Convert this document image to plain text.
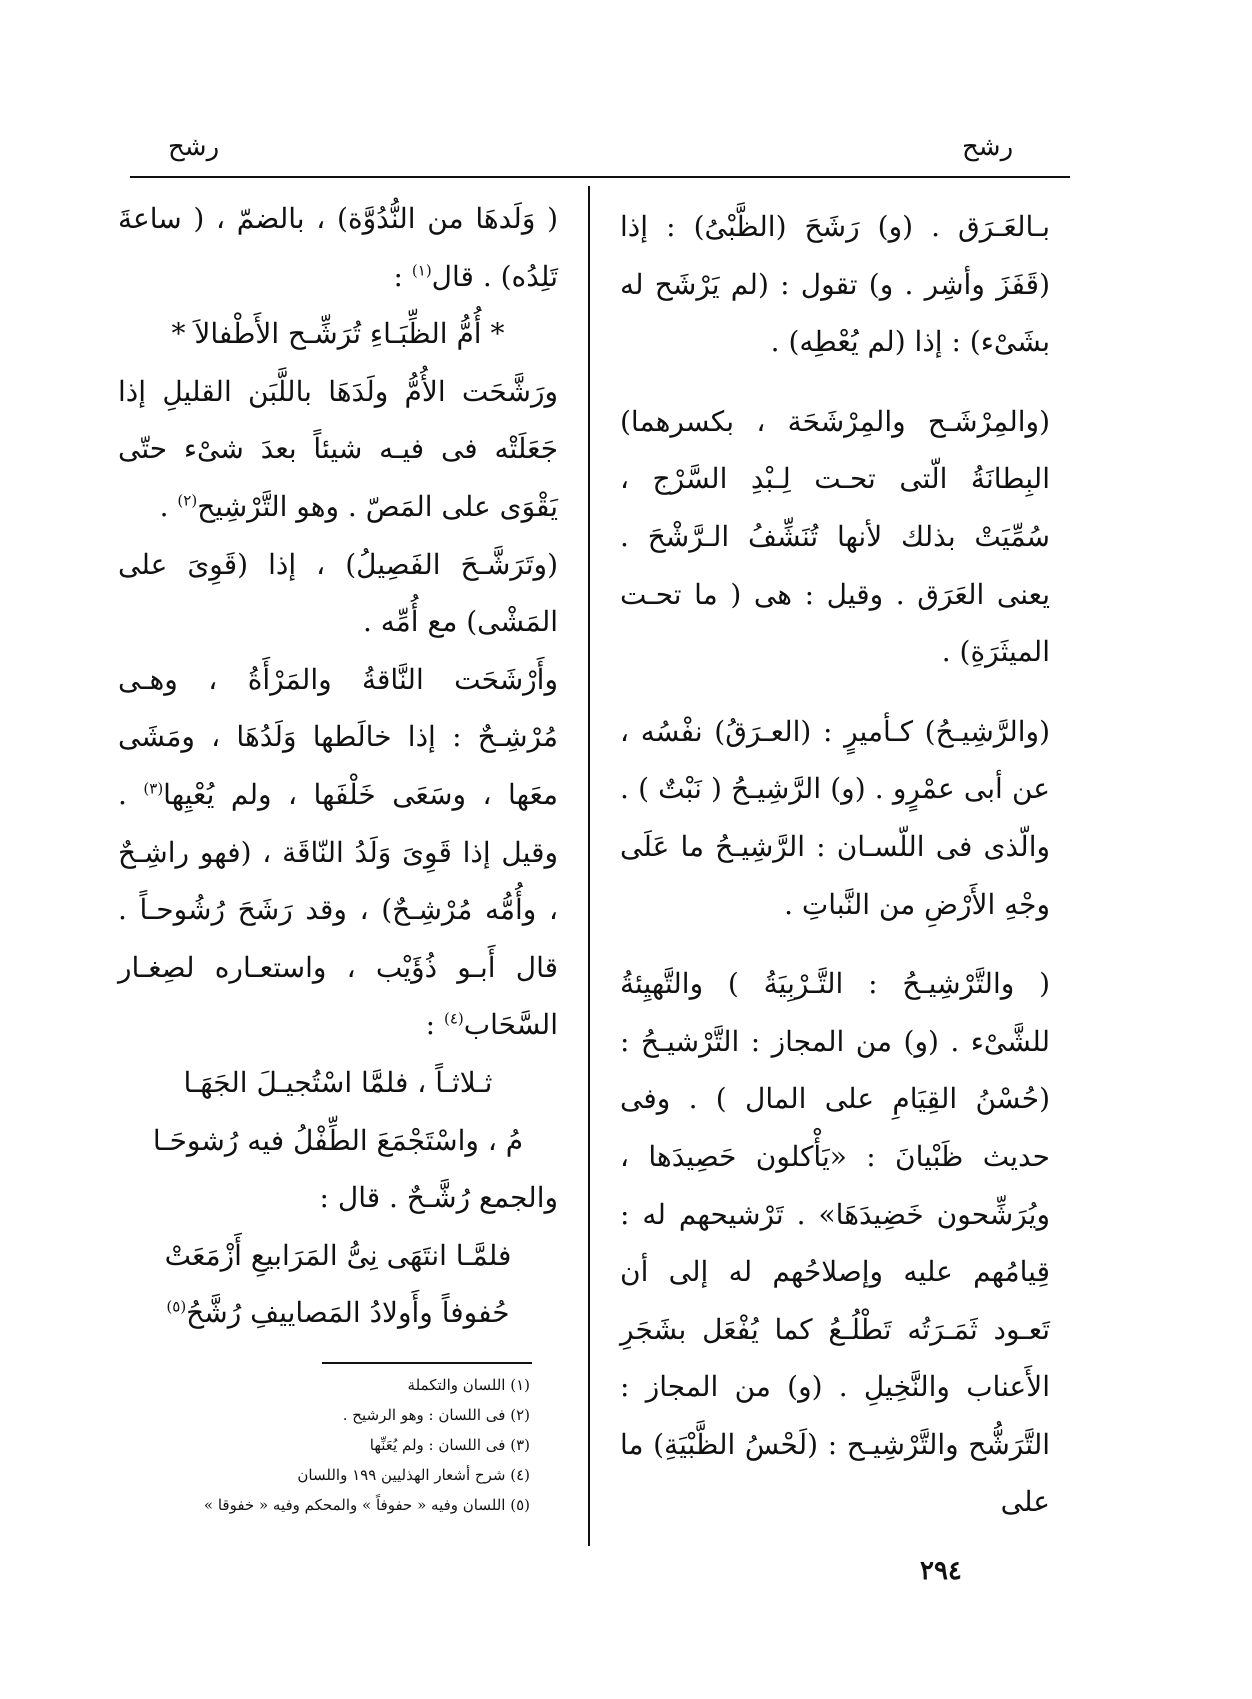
رشح
رشح

بـالعَـرَق . (و) رَشَحَ (الظَّبْىُ) : إذا (قَفَزَ وأشِر . و) تقول : (لم يَرْشَح له بشَىْء) : إذا (لم يُعْطِه) .

(والمِرْشَـح والمِرْشَحَة ، بكسرهما) البِطانَةُ الّتى تحـت لِـبْدِ السَّرْج ، سُمِّيَتْ بذلك لأنها تُنَشِّفُ الـرَّشْحَ . يعنى العَرَق . وقيل : هى ( ما تحـت الميثَرَةِ) .

(والرَّشِيـحُ) كـأميرٍ : (العـرَقُ) نفْسُه ، عن أبى عمْرٍو . (و) الرَّشِيـحُ ( نَبْتٌ ) . والّذى فى اللّسـان : الرَّشِيـحُ ما عَلَى وجْهِ الأَرْضِ من النَّباتِ .

( والتَّرْشِيـحُ : التَّـرْبِيَةُ ) والتَّهيِئةُ للشَّىْء . (و) من المجاز : التَّرْشيـحُ : (حُسْنُ القِيَامِ على المال ) . وفى حديث ظَبْيانَ : «يَأْكلون حَصِيدَها ، ويُرَشِّحون خَضِيدَهَا» . تَرْشيحهم له : قِيامُهم عليه وإصلاحُهم له إلى أن تَعـود ثَمَـرَتُه تَطْلُـعُ كما يُفْعَل بشَجَرِ الأَعناب والنَّخِيلِ . (و) من المجاز : التَّرَشُّح والتَّرْشِيـح : (لَحْسُ الظَّبْيَةِ) ما على

( وَلَدهَا من النُّدُوَّة) ، بالضمّ ، ( ساعةَ تَلِدُه) . قال$^{(١)}$ :

* أُمُّ الظِّبَـاءِ تُرَشِّـح الأَطْفالاَ *

ورَشَّحَت الأُمُّ ولَدَهَا باللَّبَن القليلِ إذا جَعَلَتْه فى فيـه شيئاً بعدَ شىْء حتّى يَقْوَى على المَصّ . وهو التَّرْشِيح$^{(٢)}$ .

(وتَرَشَّـحَ الفَصِيلُ) ، إذا (قَوِىَ على المَشْى) مع أُمِّه .

وأَرْشَحَت النَّاقةُ والمَرْأَةُ ، وهـى مُرْشِـحٌ : إذا خالَطها وَلَدُهَا ، ومَشَى معَها ، وسَعَى خَلْفَها ، ولم يُعْيِها$^{(٣)}$ . وقيل إذا قَوِىَ وَلَدُ النّاقَة ، (فهو راشِـحٌ ، وأُمُّه مُرْشِـحٌ) ، وقد رَشَحَ رُشُوحـاً . قال أَبـو ذُؤَيْب ، واستعـاره لصِغـار السَّحَاب$^{(٤)}$ :

ثـلاثـاً ، فلمَّا اسْتُجيـلَ الجَهَـا

مُ ، واسْتَجْمَعَ الطِّفْلُ فيه رُشوحَـا

والجمع رُشَّـحٌ . قال :

فلمَّـا انتَهَى نِىُّ المَرَابيعِ أَزْمَعَتْ

حُفوفاً وأَولادُ المَصاييفِ رُشَّحُ$^{(٥)}$

(١) اللسان والتكملة
(٢) فى اللسان : وهو الرشيح .
(٣) فى اللسان : ولم يُعَنِّها
(٤) شرح أشعار الهذليين ١٩٩ واللسان
(٥) اللسان وفيه « حفوفاً » والمحكم وفيه « خفوقا »
٢٩٤
